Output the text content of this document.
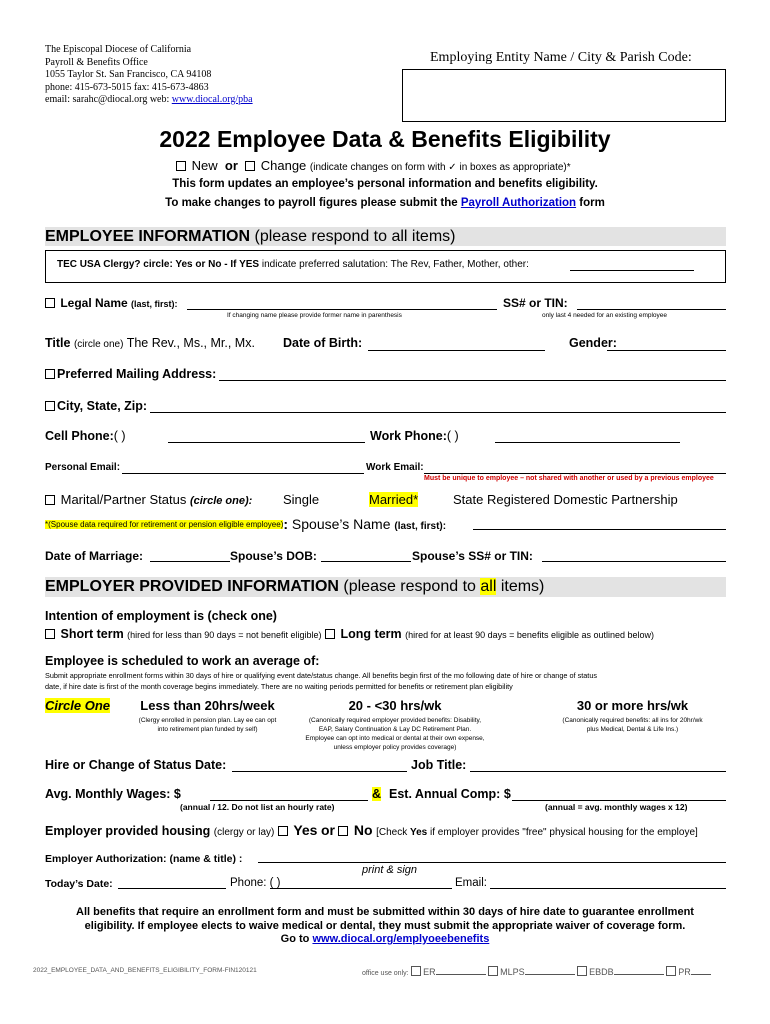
The Episcopal Diocese of California
Payroll & Benefits Office
1055 Taylor St. San Francisco, CA 94108
phone: 415-673-5015 fax: 415-673-4863
email: sarahc@diocal.org web: www.diocal.org/pba
Employing Entity Name / City & Parish Code:
2022 Employee Data & Benefits Eligibility
New or Change (indicate changes on form with ✓ in boxes as appropriate)*
This form updates an employee’s personal information and benefits eligibility.
To make changes to payroll figures please submit the Payroll Authorization form
EMPLOYEE INFORMATION (please respond to all items)
TEC USA Clergy? circle: Yes or No - If YES indicate preferred salutation: The Rev, Father, Mother, other:
Legal Name (last, first):
If changing name please provide former name in parenthesis
SS# or TIN:
only last 4 needed for an existing employee
Title (circle one) The Rev., Ms., Mr., Mx. Date of Birth:	Gender:
Preferred Mailing Address:
City, State, Zip:
Cell Phone:( )	Work Phone:( )
Personal Email:	Work Email:
Must be unique to employee – not shared with another or used by a previous employee
Marital/Partner Status (circle one): Single	Married*	State Registered Domestic Partnership
*(Spouse data required for retirement or pension eligible employee): Spouse’s Name (last, first):
Date of Marriage:	Spouse’s DOB:	Spouse’s SS# or TIN:
EMPLOYER PROVIDED INFORMATION (please respond to all items)
Intention of employment is (check one)
Short term (hired for less than 90 days = not benefit eligible) Long term (hired for at least 90 days = benefits eligible as outlined below)
Employee is scheduled to work an average of:
Submit appropriate enrollment forms within 30 days of hire or qualifying event date/status change. All benefits begin first of the mo following date of hire or change of status
date, if hire date is first of the month coverage begins immediately. There are no waiting periods permitted for benefits or retirement plan eligibility
Circle One	Less than 20hrs/week
(Clergy enrolled in pension plan. Lay ee can opt
into retirement plan funded by self)
20 - <30 hrs/wk
(Canonically required employer provided benefits: Disability,
EAP, Salary Continuation & Lay DC Retirement Plan.
Employee can opt into medical or dental at their own expense,
unless employer policy provides coverage)
30 or more hrs/wk
(Canonically required benefits: all ins for 20hr/wk
plus Medical, Dental & Life Ins.)
Hire or Change of Status Date:	Job Title:
Avg. Monthly Wages: $
(annual / 12. Do not list an hourly rate)
& Est. Annual Comp: $
(annual = avg. monthly wages x 12)
Employer provided housing (clergy or lay) Yes or No [Check Yes if employer provides "free" physical housing for the employe]
Employer Authorization: (name & title) :
print & sign
Today’s Date:	Phone: ( )	Email:
All benefits that require an enrollment form and must be submitted within 30 days of hire date to guarantee enrollment
eligibility. If employee elects to waive medical or dental, they must submit the appropriate waiver of coverage form.
Go to www.diocal.org/emplyoeebenefits
2022_EMPLOYEE_DATA_AND_BENEFITS_ELIGIBILITY_FORM-FIN120121	office use only: ER	MLPS	EBDB	PR
